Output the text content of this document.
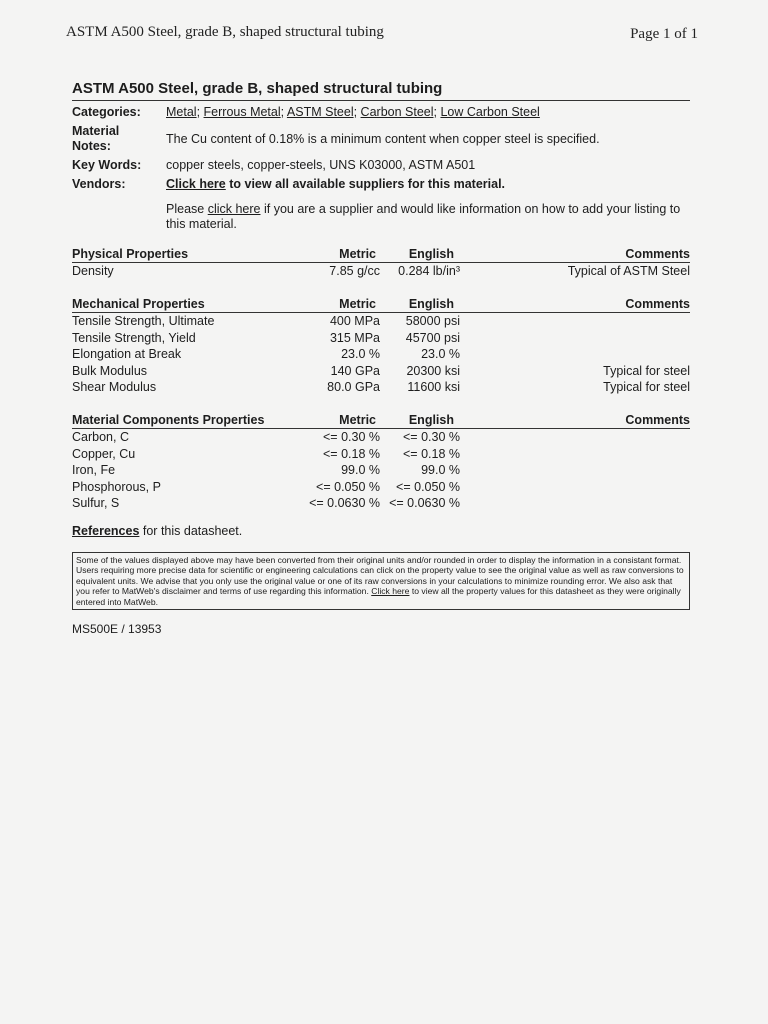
ASTM A500 Steel, grade B, shaped structural tubing	Page 1 of 1
ASTM A500 Steel, grade B, shaped structural tubing
Categories:	Metal; Ferrous Metal; ASTM Steel; Carbon Steel; Low Carbon Steel
Material
Notes:	The Cu content of 0.18% is a minimum content when copper steel is specified.
Key Words:	copper steels, copper-steels, UNS K03000, ASTM A501
Vendors:	Click here to view all available suppliers for this material.
Please click here if you are a supplier and would like information on how to add your listing to this material.
Physical Properties	Metric	English	Comments
Density	7.85 g/cc	0.284 lb/in³	Typical of ASTM Steel

Mechanical Properties	Metric	English	Comments
Tensile Strength, Ultimate	400 MPa	58000 psi	
Tensile Strength, Yield	315 MPa	45700 psi	
Elongation at Break	23.0 %	23.0 %	
Bulk Modulus	140 GPa	20300 ksi	Typical for steel
Shear Modulus	80.0 GPa	11600 ksi	Typical for steel

Material Components Properties	Metric	English	Comments
Carbon, C	<= 0.30 %	<= 0.30 %	
Copper, Cu	<= 0.18 %	<= 0.18 %	
Iron, Fe	99.0 %	99.0 %	
Phosphorous, P	<= 0.050 %	<= 0.050 %	
Sulfur, S	<= 0.0630 %	<= 0.0630 %	
References for this datasheet.
Some of the values displayed above may have been converted from their original units and/or rounded in order to display the information in a consistant format. Users requiring more precise data for scientific or engineering calculations can click on the property value to see the original value as well as raw conversions to equivalent units. We advise that you only use the original value or one of its raw conversions in your calculations to minimize rounding error. We also ask that you refer to MatWeb's disclaimer and terms of use regarding this information. Click here to view all the property values for this datasheet as they were originally entered into MatWeb.
MS500E / 13953
